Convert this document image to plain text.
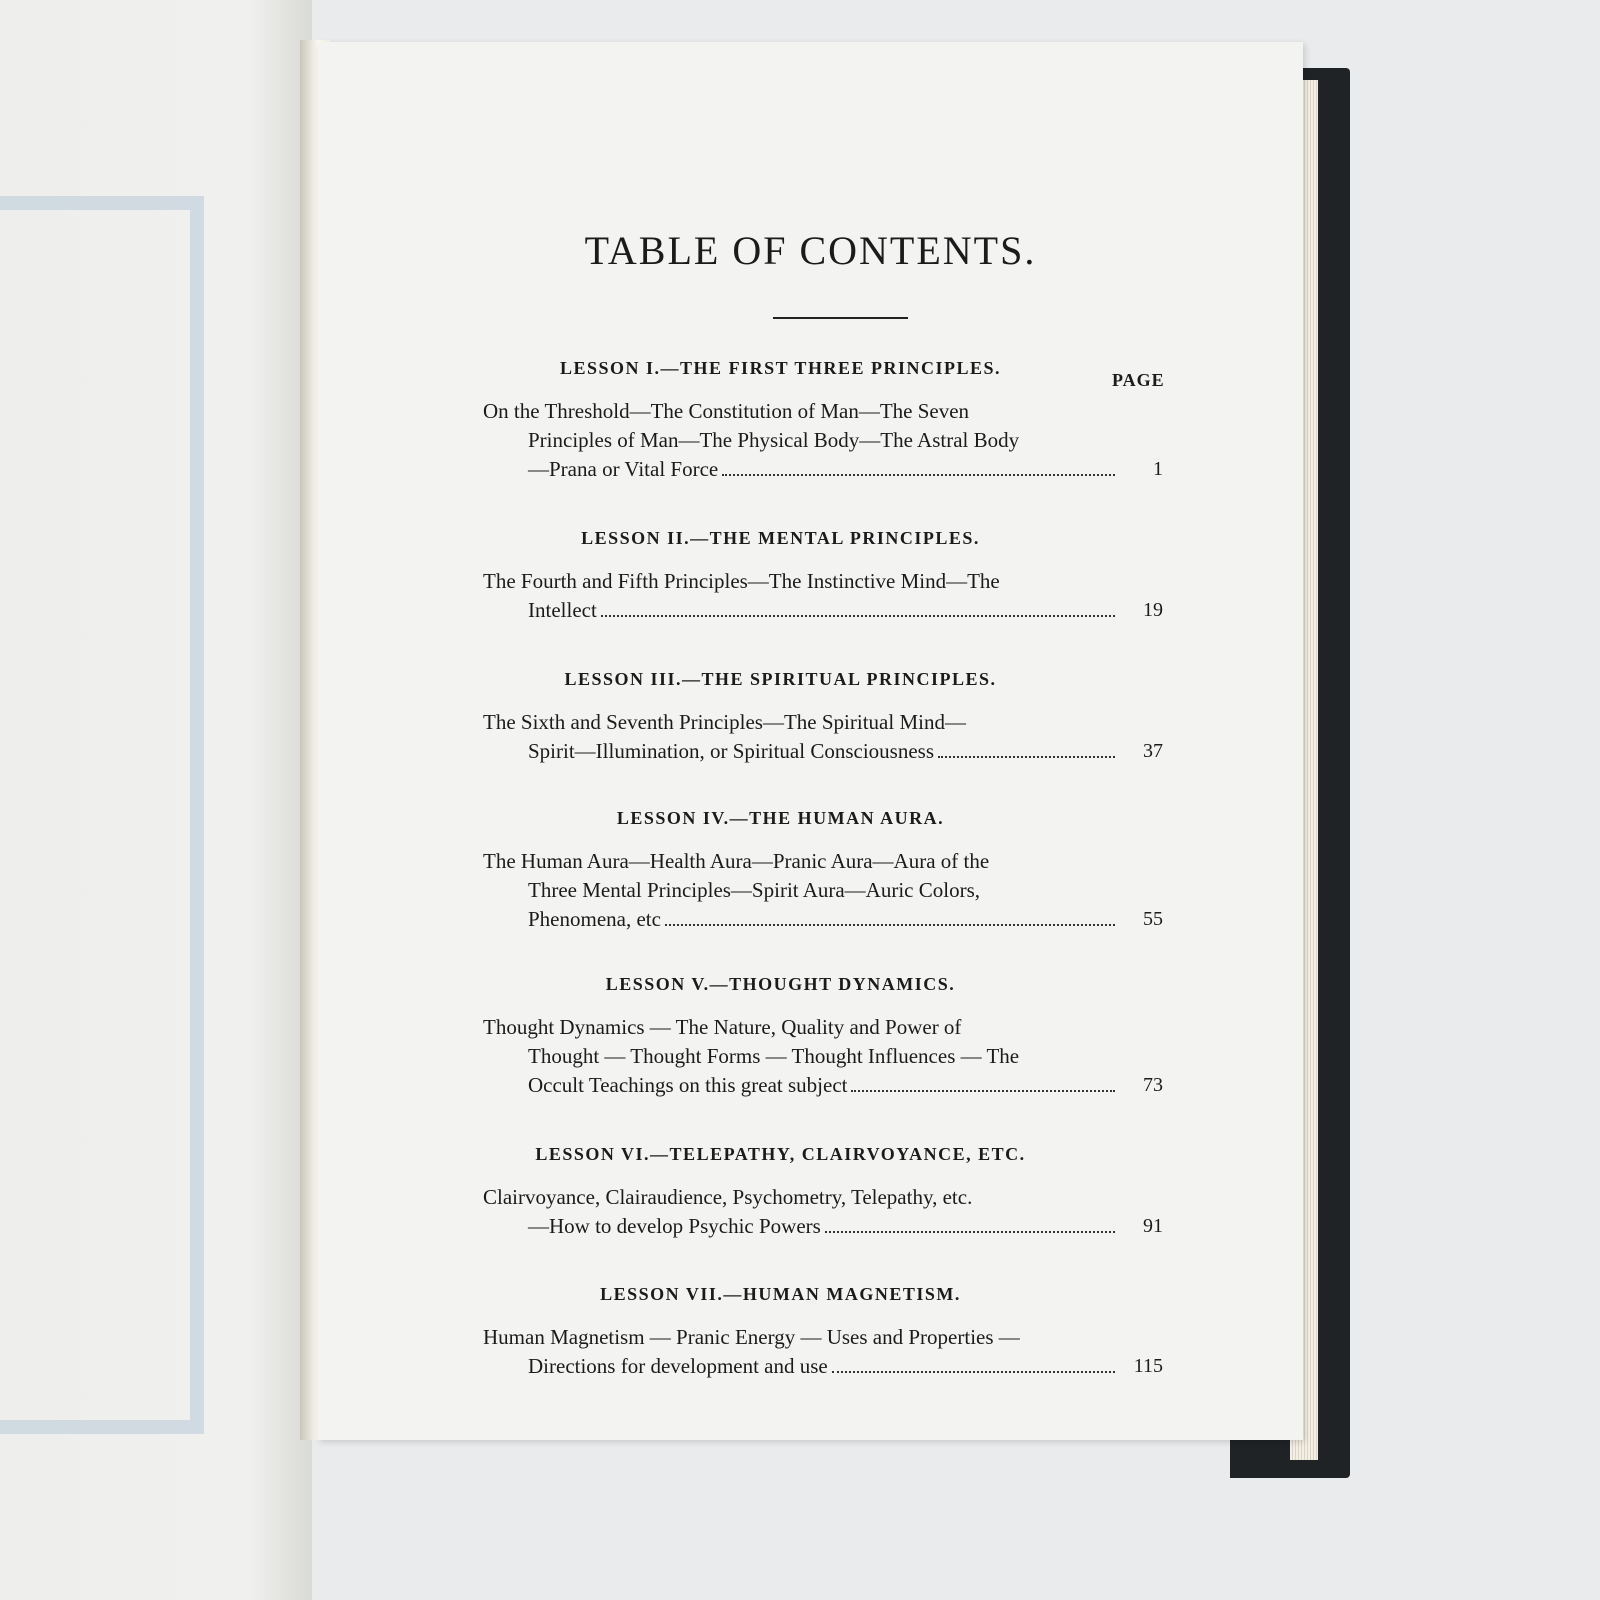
TABLE OF CONTENTS.
PAGE
LESSON I.—THE FIRST THREE PRINCIPLES.
On the Threshold—The Constitution of Man—The Seven
Principles of Man—The Physical Body—The Astral Body
—Prana or Vital Force	1
LESSON II.—THE MENTAL PRINCIPLES.
The Fourth and Fifth Principles—The Instinctive Mind—The
Intellect	19
LESSON III.—THE SPIRITUAL PRINCIPLES.
The Sixth and Seventh Principles—The Spiritual Mind—
Spirit—Illumination, or Spiritual Consciousness	37
LESSON IV.—THE HUMAN AURA.
The Human Aura—Health Aura—Pranic Aura—Aura of the
Three Mental Principles—Spirit Aura—Auric Colors,
Phenomena, etc	55
LESSON V.—THOUGHT DYNAMICS.
Thought Dynamics — The Nature, Quality and Power of
Thought — Thought Forms — Thought Influences — The
Occult Teachings on this great subject	73
LESSON VI.—TELEPATHY, CLAIRVOYANCE, ETC.
Clairvoyance, Clairaudience, Psychometry, Telepathy, etc.
—How to develop Psychic Powers	91
LESSON VII.—HUMAN MAGNETISM.
Human Magnetism — Pranic Energy — Uses and Properties —
Directions for development and use	115
